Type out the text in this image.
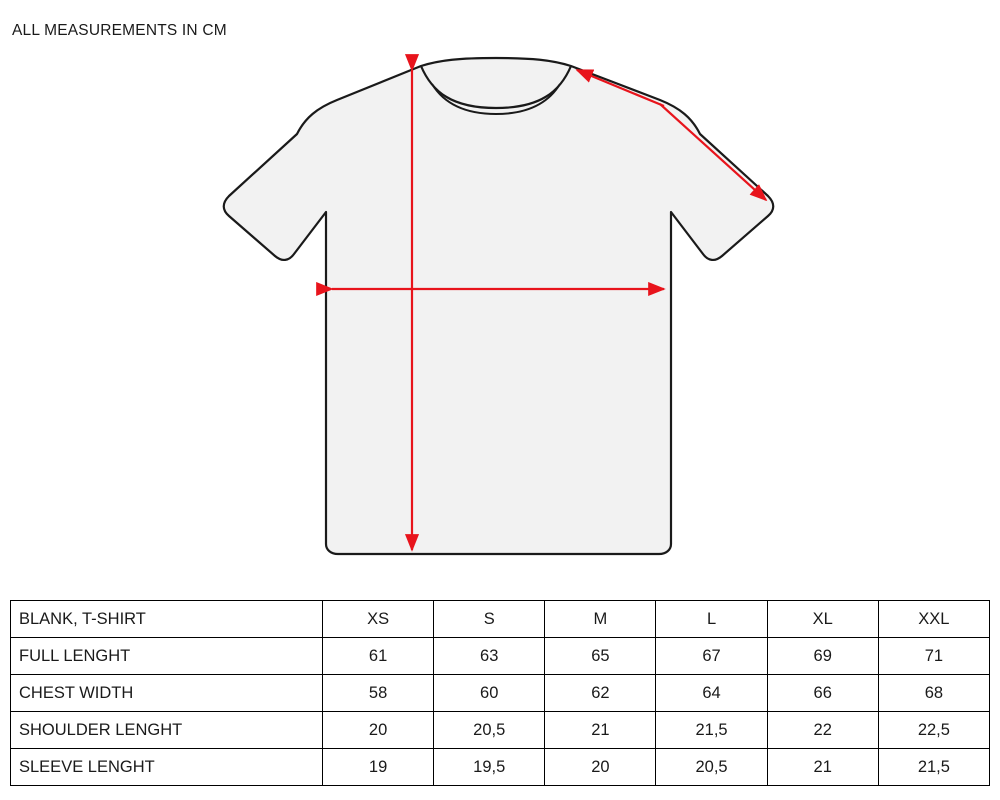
ALL MEASUREMENTS IN CM
BLANK, T-SHIRT	XS	S	M	L	XL	XXL
FULL LENGHT	61	63	65	67	69	71
CHEST WIDTH	58	60	62	64	66	68
SHOULDER LENGHT	20	20,5	21	21,5	22	22,5
SLEEVE LENGHT	19	19,5	20	20,5	21	21,5
